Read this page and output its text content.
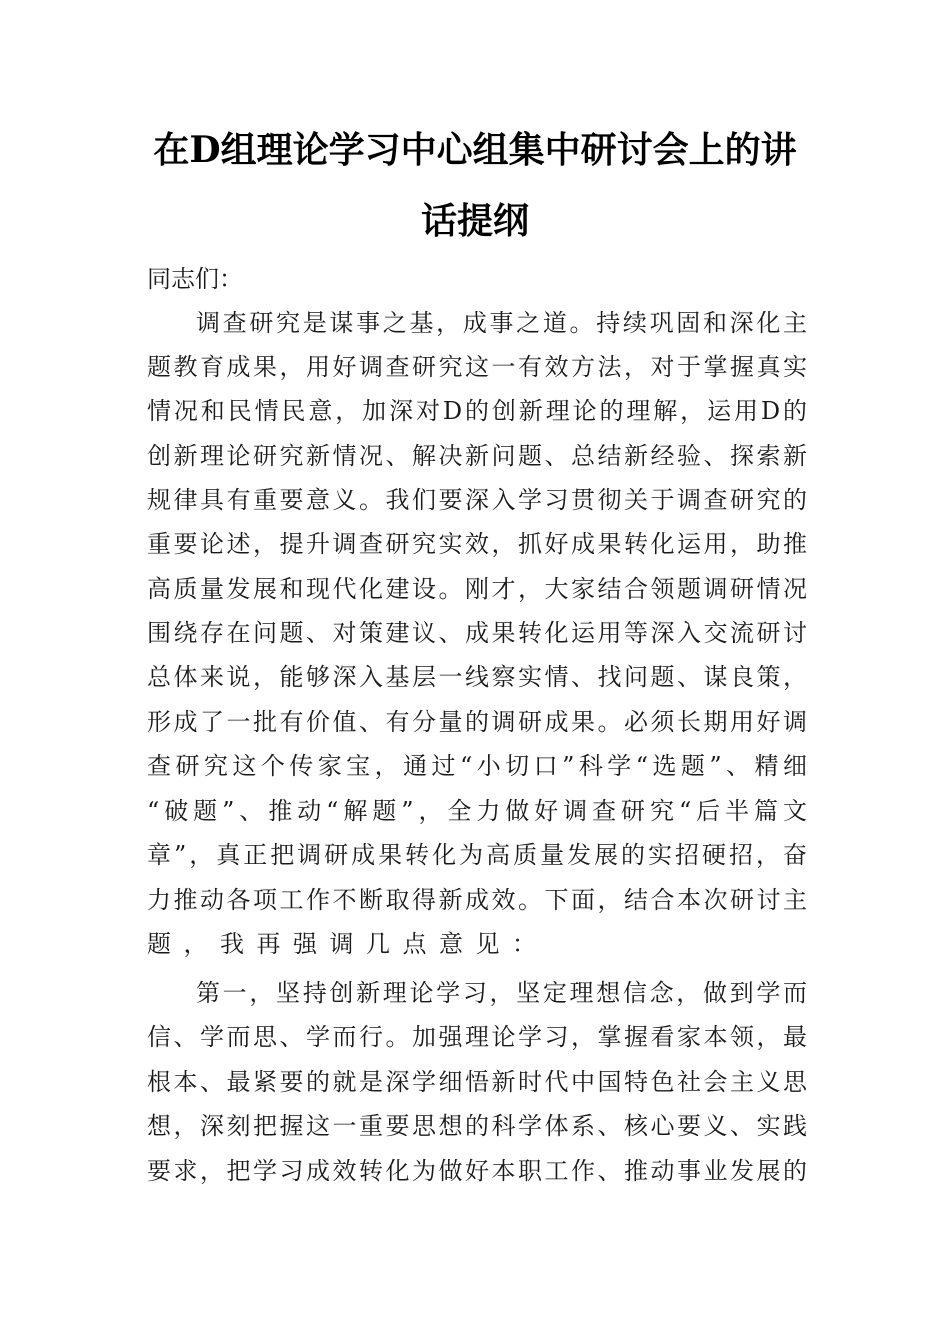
在D组理论学习中心组集中研讨会上的讲
话提纲
同志们：
调查研究是谋事之基，成事之道。持续巩固和深化主
题教育成果，用好调查研究这一有效方法，对于掌握真实
情况和民情民意，加深对D的创新理论的理解，运用D的
创新理论研究新情况、解决新问题、总结新经验、探索新
规律具有重要意义。我们要深入学习贯彻关于调查研究的
重要论述，提升调查研究实效，抓好成果转化运用，助推
高质量发展和现代化建设。刚才，大家结合领题调研情况
围绕存在问题、对策建议、成果转化运用等深入交流研讨
总体来说，能够深入基层一线察实情、找问题、谋良策，
形成了一批有价值、有分量的调研成果。必须长期用好调
查研究这个传家宝，通过“小切口”科学“选题”、精细
“破题”、推动“解题”，全力做好调查研究“后半篇文
章”，真正把调研成果转化为高质量发展的实招硬招，奋
力推动各项工作不断取得新成效。下面，结合本次研讨主
题，我再强调几点意见：
第一，坚持创新理论学习，坚定理想信念，做到学而
信、学而思、学而行。加强理论学习，掌握看家本领，最
根本、最紧要的就是深学细悟新时代中国特色社会主义思
想，深刻把握这一重要思想的科学体系、核心要义、实践
要求，把学习成效转化为做好本职工作、推动事业发展的
